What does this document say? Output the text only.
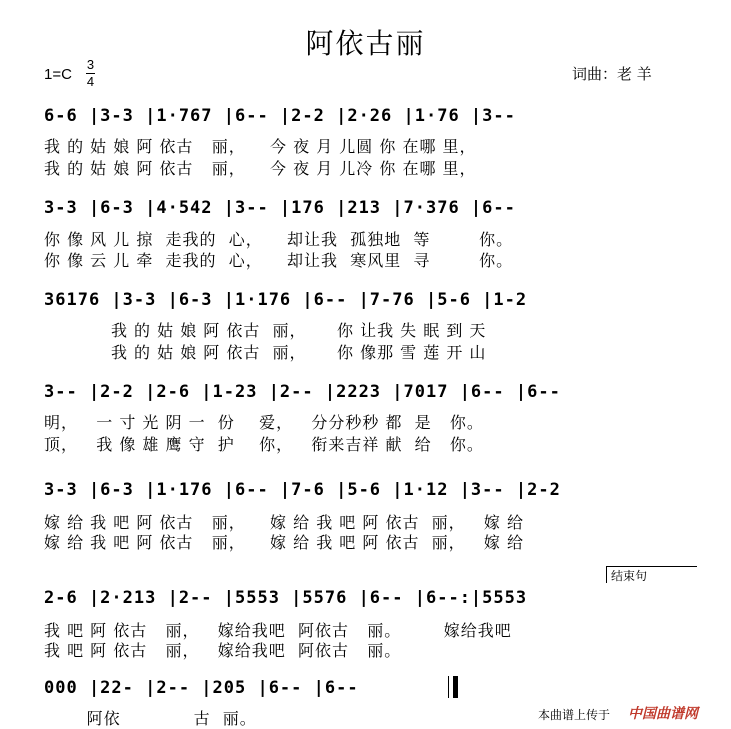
阿依古丽
1=C
3
4	词曲：老 羊
6-6 |3-3 |1·767 |6-- |2-2 |2·26 |1·76 |3--
我 的 姑 娘 阿 依古   丽，    今 夜 月 儿圆 你 在哪 里，
我 的 姑 娘 阿 依古   丽，    今 夜 月 儿冷 你 在哪 里，
3-3 |6-3 |4·542 |3-- |176 |213 |7·376 |6--
你 像 风 儿 掠  走我的  心，    却让我  孤独地  等        你。
你 像 云 儿 牵  走我的  心，    却让我  寒风里  寻        你。
36176 |3-3 |6-3 |1·176 |6-- |7-76 |5-6 |1-2
我 的 姑 娘 阿 依古  丽，     你 让我 失 眠 到 天
我 的 姑 娘 阿 依古  丽，     你 像那 雪 莲 开 山
3-- |2-2 |2-6 |1-23 |2-- |2223 |7017 |6-- |6--
明，   一 寸 光 阴 一  份    爱，   分分秒秒 都  是   你。
顶，   我 像 雄 鹰 守  护    你，   衔来吉祥 献  给   你。
3-3 |6-3 |1·176 |6-- |7-6 |5-6 |1·12 |3-- |2-2
嫁 给 我 吧 阿 依古   丽，    嫁 给 我 吧 阿 依古  丽，   嫁 给
嫁 给 我 吧 阿 依古   丽，    嫁 给 我 吧 阿 依古  丽，   嫁 给
结束句
2-6 |2·213 |2-- |5553 |5576 |6-- |6--:|5553
我 吧 阿 依古   丽，   嫁给我吧  阿依古   丽。       嫁给我吧
我 吧 阿 依古   丽，   嫁给我吧  阿依古   丽。
000 |22- |2-- |205 |6-- |6--
阿依            古  丽。	本曲谱上传于 中国曲谱网
